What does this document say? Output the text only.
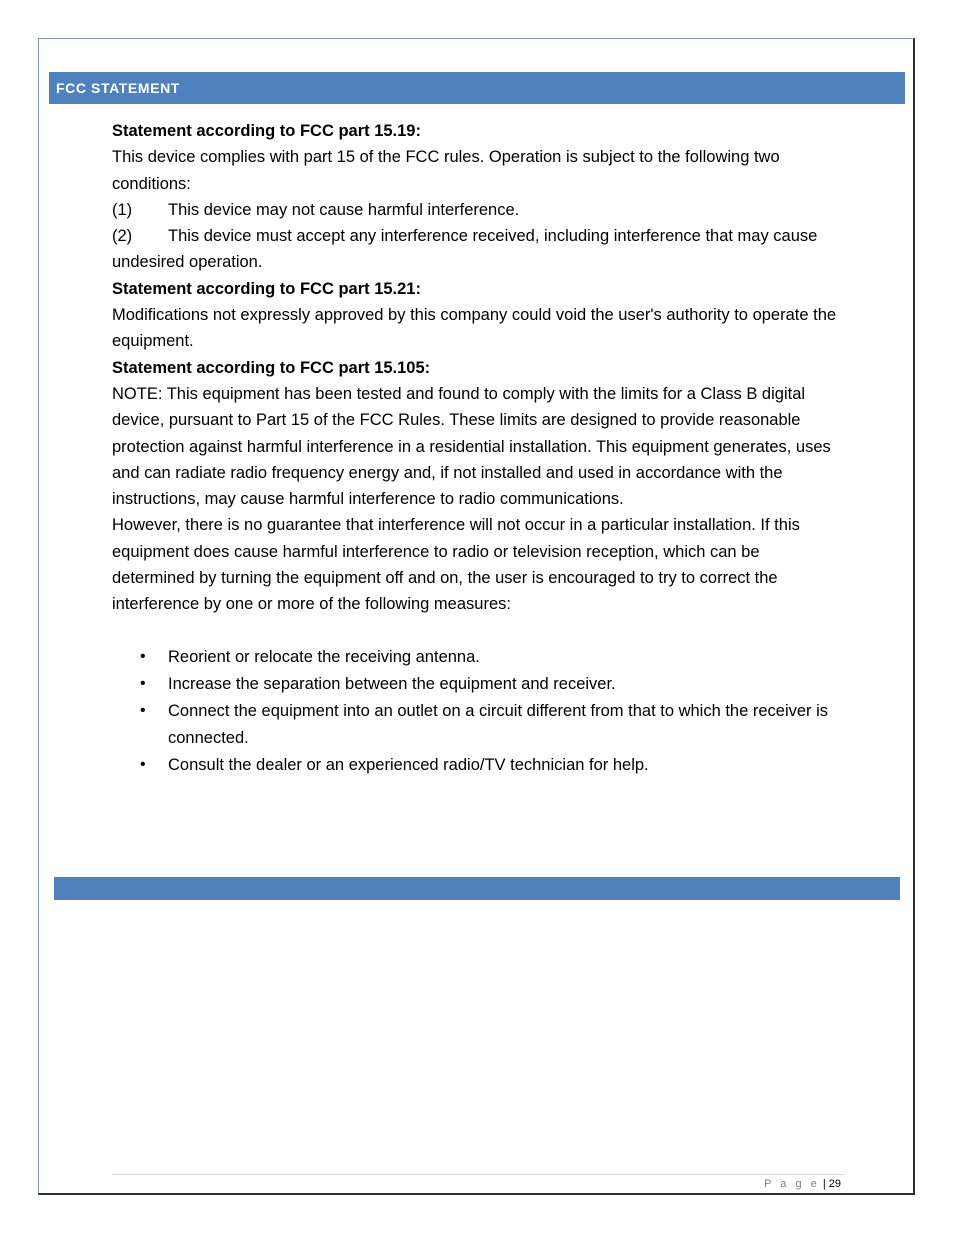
FCC STATEMENT

Statement according to FCC part 15.19:

This device complies with part 15 of the FCC rules. Operation is subject to the following two conditions:

(1) This device may not cause harmful interference.

(2) This device must accept any interference received, including interference that may cause undesired operation.

Statement according to FCC part 15.21:

Modifications not expressly approved by this company could void the user's authority to operate the equipment.

Statement according to FCC part 15.105:

NOTE: This equipment has been tested and found to comply with the limits for a Class B digital device, pursuant to Part 15 of the FCC Rules. These limits are designed to provide reasonable protection against harmful interference in a residential installation. This equipment generates, uses and can radiate radio frequency energy and, if not installed and used in accordance with the instructions, may cause harmful interference to radio communications.

However, there is no guarantee that interference will not occur in a particular installation. If this equipment does cause harmful interference to radio or television reception, which can be determined by turning the equipment off and on, the user is encouraged to try to correct the interference by one or more of the following measures:

• Reorient or relocate the receiving antenna.
• Increase the separation between the equipment and receiver.
• Connect the equipment into an outlet on a circuit different from that to which the receiver is connected.
• Consult the dealer or an experienced radio/TV technician for help.
P a g e | 29
